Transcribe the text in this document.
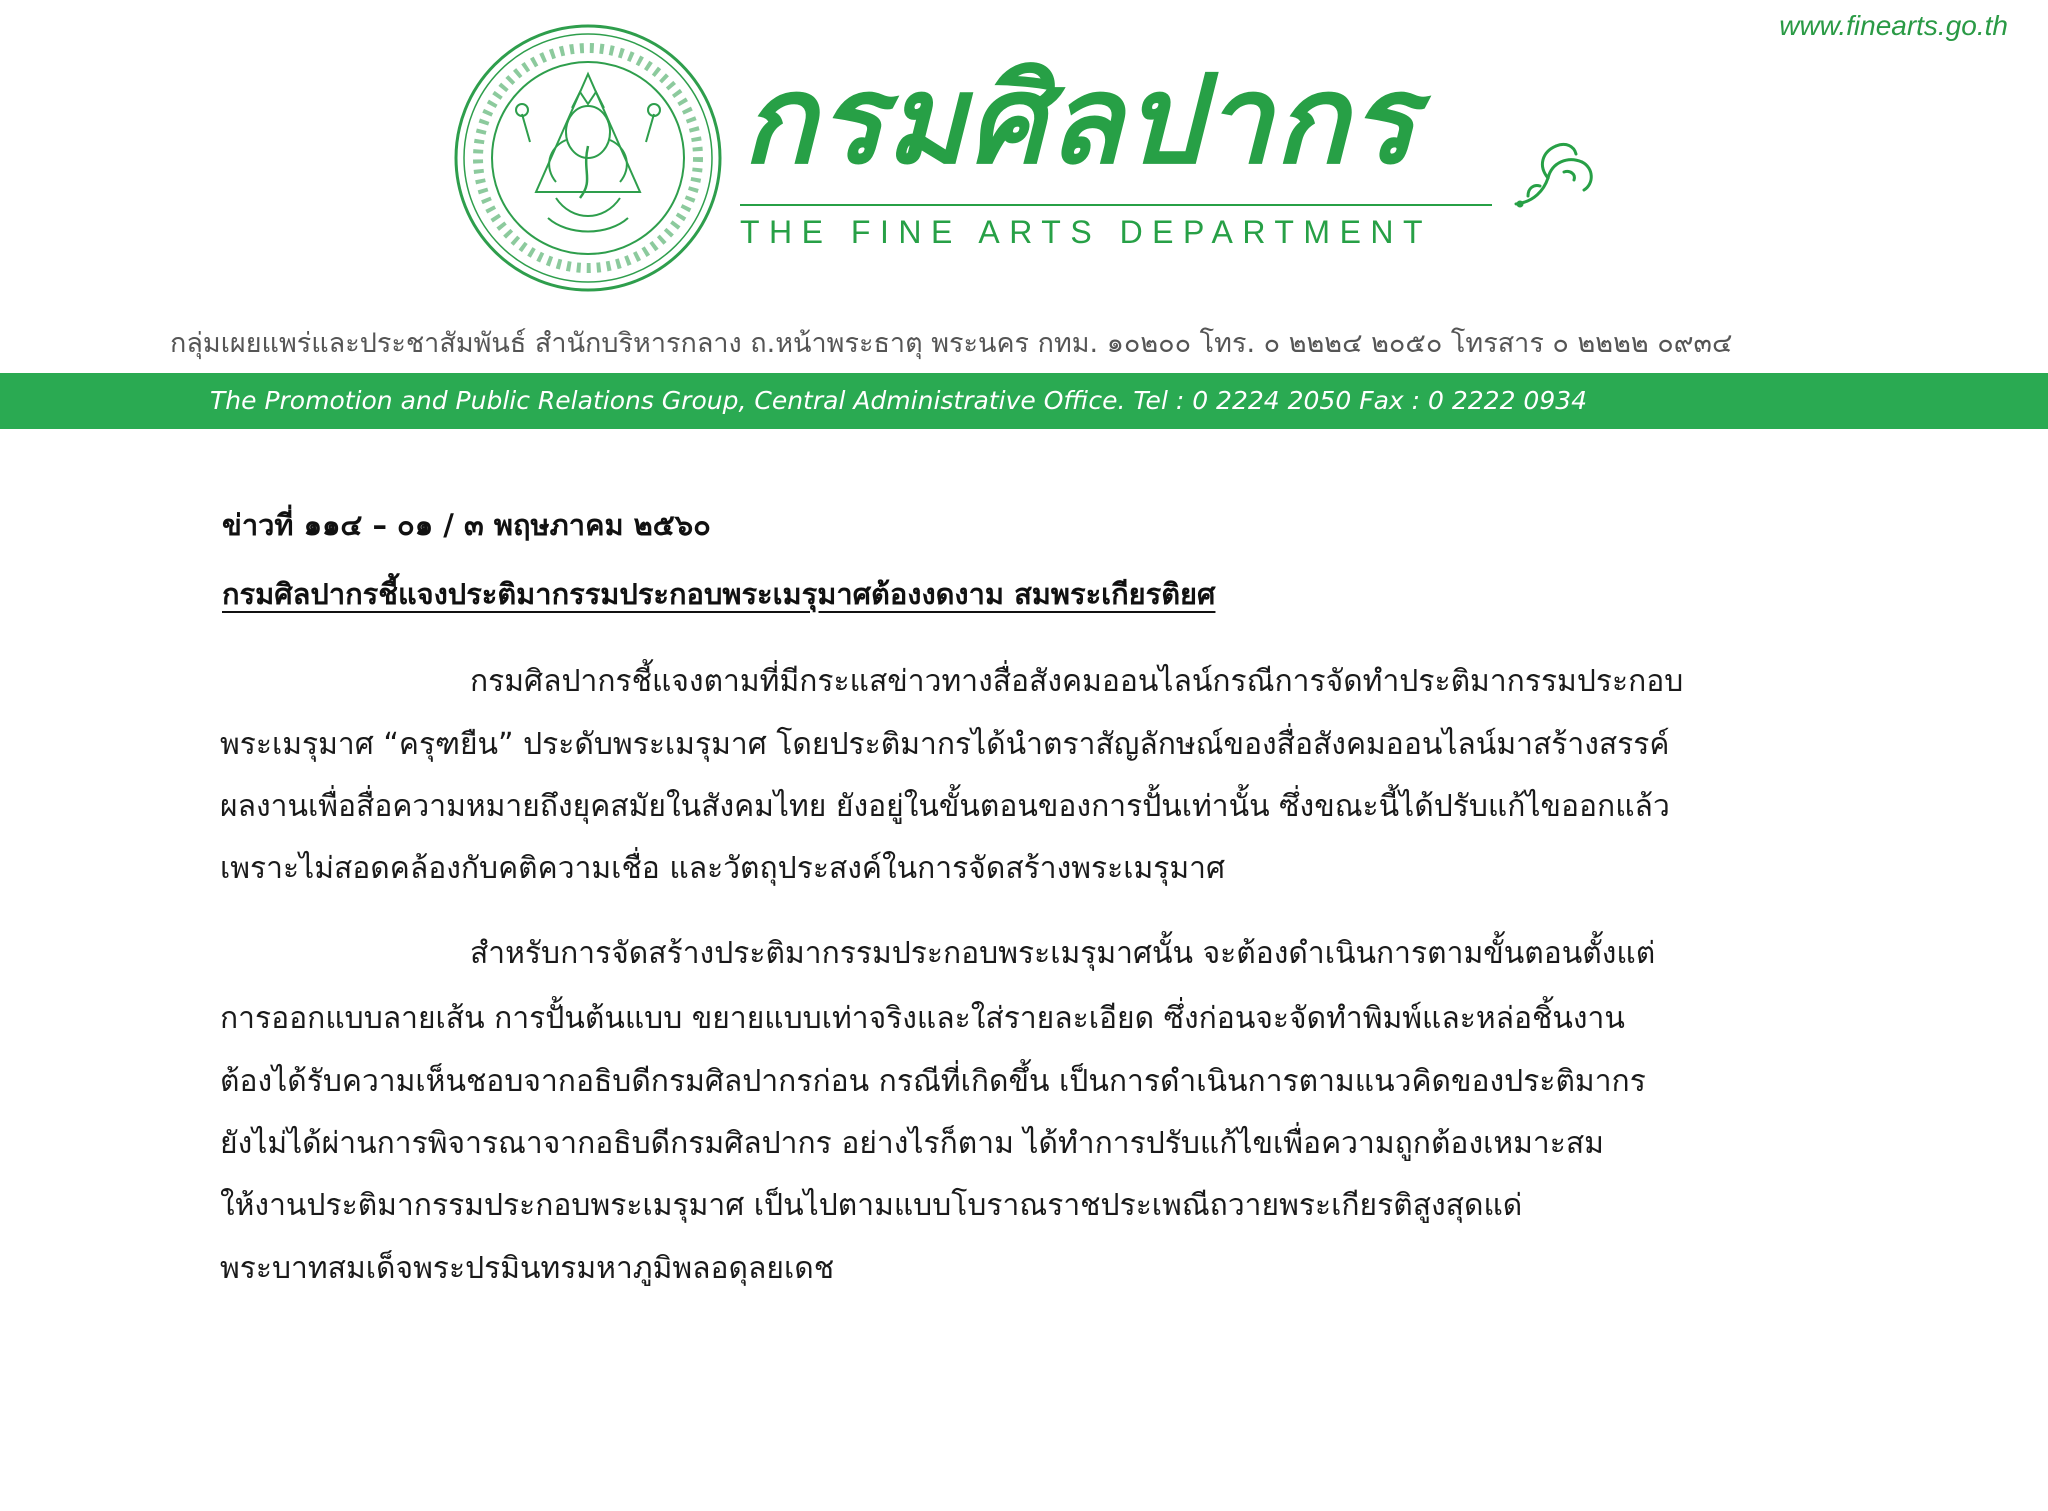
www.finearts.go.th
กรมศิลปากร
THE FINE ARTS DEPARTMENT
กลุ่มเผยแพร่และประชาสัมพันธ์ สำนักบริหารกลาง ถ.หน้าพระธาตุ พระนคร กทม. ๑๐๒๐๐ โทร. ๐ ๒๒๒๔ ๒๐๕๐ โทรสาร ๐ ๒๒๒๒ ๐๙๓๔
The Promotion and Public Relations Group, Central Administrative Office. Tel : 0 2224 2050 Fax : 0 2222 0934
ข่าวที่ ๑๑๔ – ๐๑ / ๓ พฤษภาคม ๒๕๖๐
กรมศิลปากรชี้แจงประติมากรรมประกอบพระเมรุมาศต้องงดงาม สมพระเกียรติยศ

กรมศิลปากรชี้แจงตามที่มีกระแสข่าวทางสื่อสังคมออนไลน์กรณีการจัดทำประติมากรรมประกอบ

พระเมรุมาศ “ครุฑยืน” ประดับพระเมรุมาศ โดยประติมากรได้นำตราสัญลักษณ์ของสื่อสังคมออนไลน์มาสร้างสรรค์

ผลงานเพื่อสื่อความหมายถึงยุคสมัยในสังคมไทย ยังอยู่ในขั้นตอนของการปั้นเท่านั้น ซึ่งขณะนี้ได้ปรับแก้ไขออกแล้ว

เพราะไม่สอดคล้องกับคติความเชื่อ และวัตถุประสงค์ในการจัดสร้างพระเมรุมาศ

สำหรับการจัดสร้างประติมากรรมประกอบพระเมรุมาศนั้น จะต้องดำเนินการตามขั้นตอนตั้งแต่

การออกแบบลายเส้น การปั้นต้นแบบ ขยายแบบเท่าจริงและใส่รายละเอียด ซึ่งก่อนจะจัดทำพิมพ์และหล่อชิ้นงาน

ต้องได้รับความเห็นชอบจากอธิบดีกรมศิลปากรก่อน กรณีที่เกิดขึ้น เป็นการดำเนินการตามแนวคิดของประติมากร

ยังไม่ได้ผ่านการพิจารณาจากอธิบดีกรมศิลปากร อย่างไรก็ตาม ได้ทำการปรับแก้ไขเพื่อความถูกต้องเหมาะสม

ให้งานประติมากรรมประกอบพระเมรุมาศ เป็นไปตามแบบโบราณราชประเพณีถวายพระเกียรติสูงสุดแด่

พระบาทสมเด็จพระปรมินทรมหาภูมิพลอดุลยเดช
